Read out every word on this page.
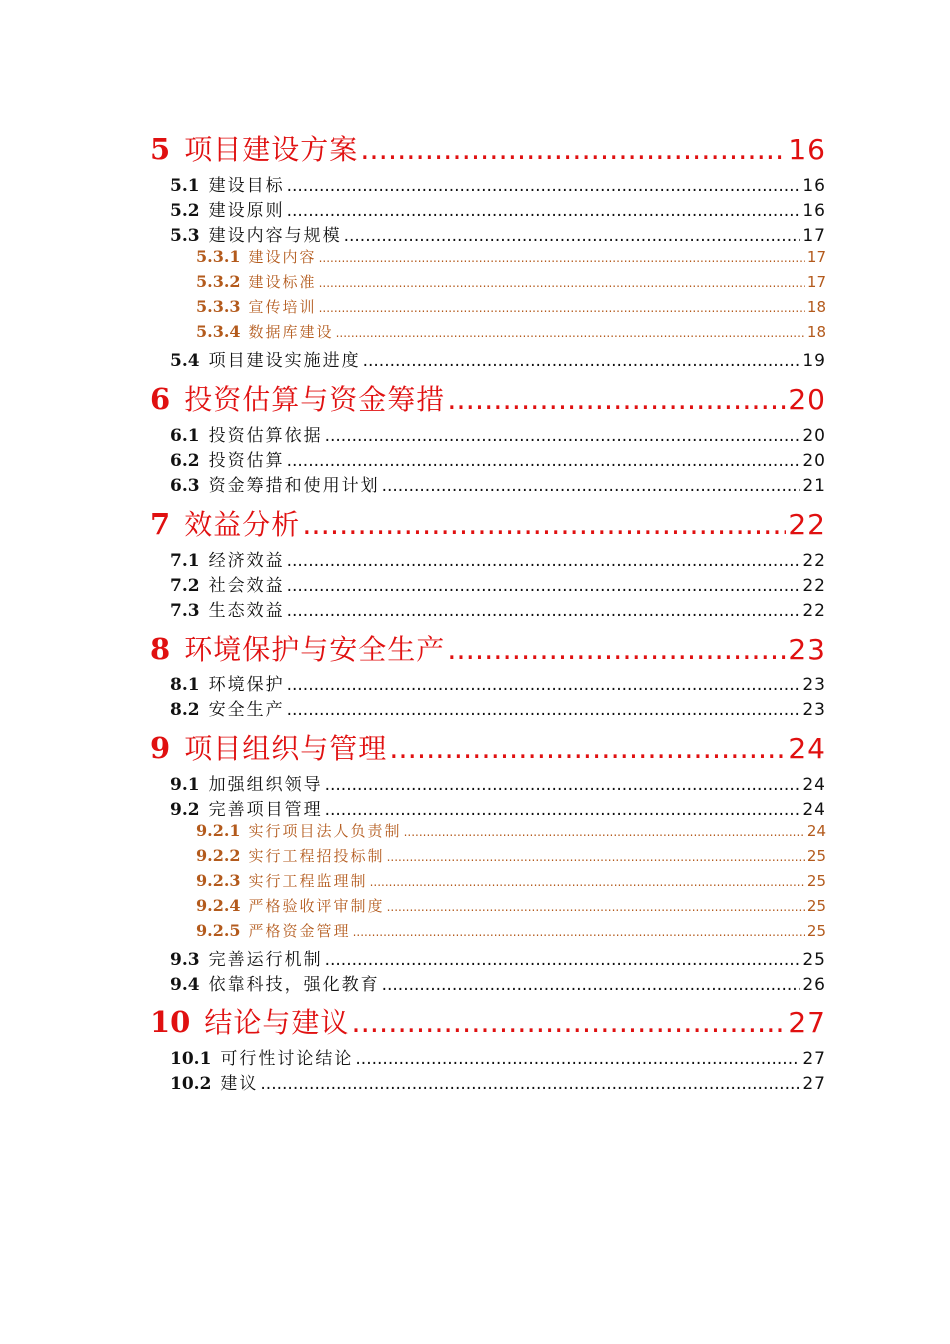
5 项目建设方案 .....	16
5.1 建设目标 .....	16
5.2 建设原则 .....	16
5.3 建设内容与规模 .....	17
5.3.1 建设内容 .....	17
5.3.2 建设标准 .....	17
5.3.3 宣传培训 .....	18
5.3.4 数据库建设 .....	18
5.4 项目建设实施进度 .....	19
6 投资估算与资金筹措 .....	20
6.1 投资估算依据 .....	20
6.2 投资估算 .....	20
6.3 资金筹措和使用计划 .....	21
7 效益分析 .....	22
7.1 经济效益 .....	22
7.2 社会效益 .....	22
7.3 生态效益 .....	22
8 环境保护与安全生产 .....	23
8.1 环境保护 .....	23
8.2 安全生产 .....	23
9 项目组织与管理 .....	24
9.1 加强组织领导 .....	24
9.2 完善项目管理 .....	24
9.2.1 实行项目法人负责制 .....	24
9.2.2 实行工程招投标制 .....	25
9.2.3 实行工程监理制 .....	25
9.2.4 严格验收评审制度 .....	25
9.2.5 严格资金管理 .....	25
9.3 完善运行机制 .....	25
9.4 依靠科技，强化教育 .....	26
10 结论与建议 .....	27
10.1 可行性讨论结论 .....	27
10.2 建议 .....	27
